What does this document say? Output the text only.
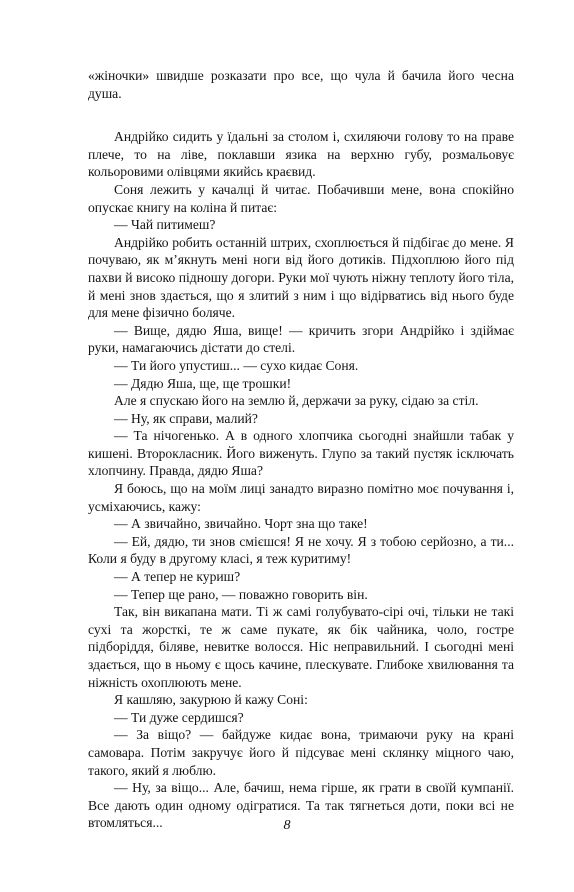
«жіночки» швидше розказати про все, що чула й бачила його чесна душа.

Андрійко сидить у їдальні за столом і, схиляючи голову то на праве плече, то на ліве, поклавши язика на верхню губу, розмальовує кольоровими олівцями якийсь краєвид.

Соня лежить у качалці й читає. Побачивши мене, вона спокійно опускає книгу на коліна й питає:

— Чай питимеш?

Андрійко робить останній штрих, схоплюється й підбігає до мене. Я почуваю, як м’якнуть мені ноги від його дотиків. Підхоплюю його під пахви й високо підношу догори. Руки мої чують ніжну теплоту його тіла, й мені знов здається, що я злитий з ним і що відірватись від нього буде для мене фізично боляче.

— Вище, дядю Яша, вище! — кричить згори Андрійко і здіймає руки, намагаючись дістати до стелі.

— Ти його упустиш... — сухо кидає Соня.

— Дядю Яша, ще, ще трошки!

Але я спускаю його на землю й, держачи за руку, сідаю за стіл.

— Ну, як справи, малий?

— Та нічогенько. А в одного хлопчика сьогодні знайшли табак у кишені. Второкласник. Його виженуть. Глупо за такий пустяк ісключать хлопчину. Правда, дядю Яша?

Я боюсь, що на моїм лиці занадто виразно помітно моє почування і, усміхаючись, кажу:

— А звичайно, звичайно. Чорт зна що таке!

— Ей, дядю, ти знов смієшся! Я не хочу. Я з тобою серйозно, а ти... Коли я буду в другому класі, я теж куритиму!

— А тепер не куриш?

— Тепер ще рано, — поважно говорить він.

Так, він викапана мати. Ті ж самі голубувато-сірі очі, тільки не такі сухі та жорсткі, те ж саме пукате, як бік чайника, чоло, гостре підборіддя, біляве, невитке волосся. Ніс неправильний. І сьогодні мені здається, що в ньому є щось качине, плескувате. Глибоке хвилювання та ніжність охоплюють мене.

Я кашляю, закурюю й кажу Соні:

— Ти дуже сердишся?

— За віщо? — байдуже кидає вона, тримаючи руку на крані самовара. Потім закручує його й підсуває мені склянку міцного чаю, такого, який я люблю.

— Ну, за віщо... Але, бачиш, нема гірше, як грати в своїй кумпанії. Все дають один одному одігратися. Та так тягнеться доти, поки всі не втомляться...	8
